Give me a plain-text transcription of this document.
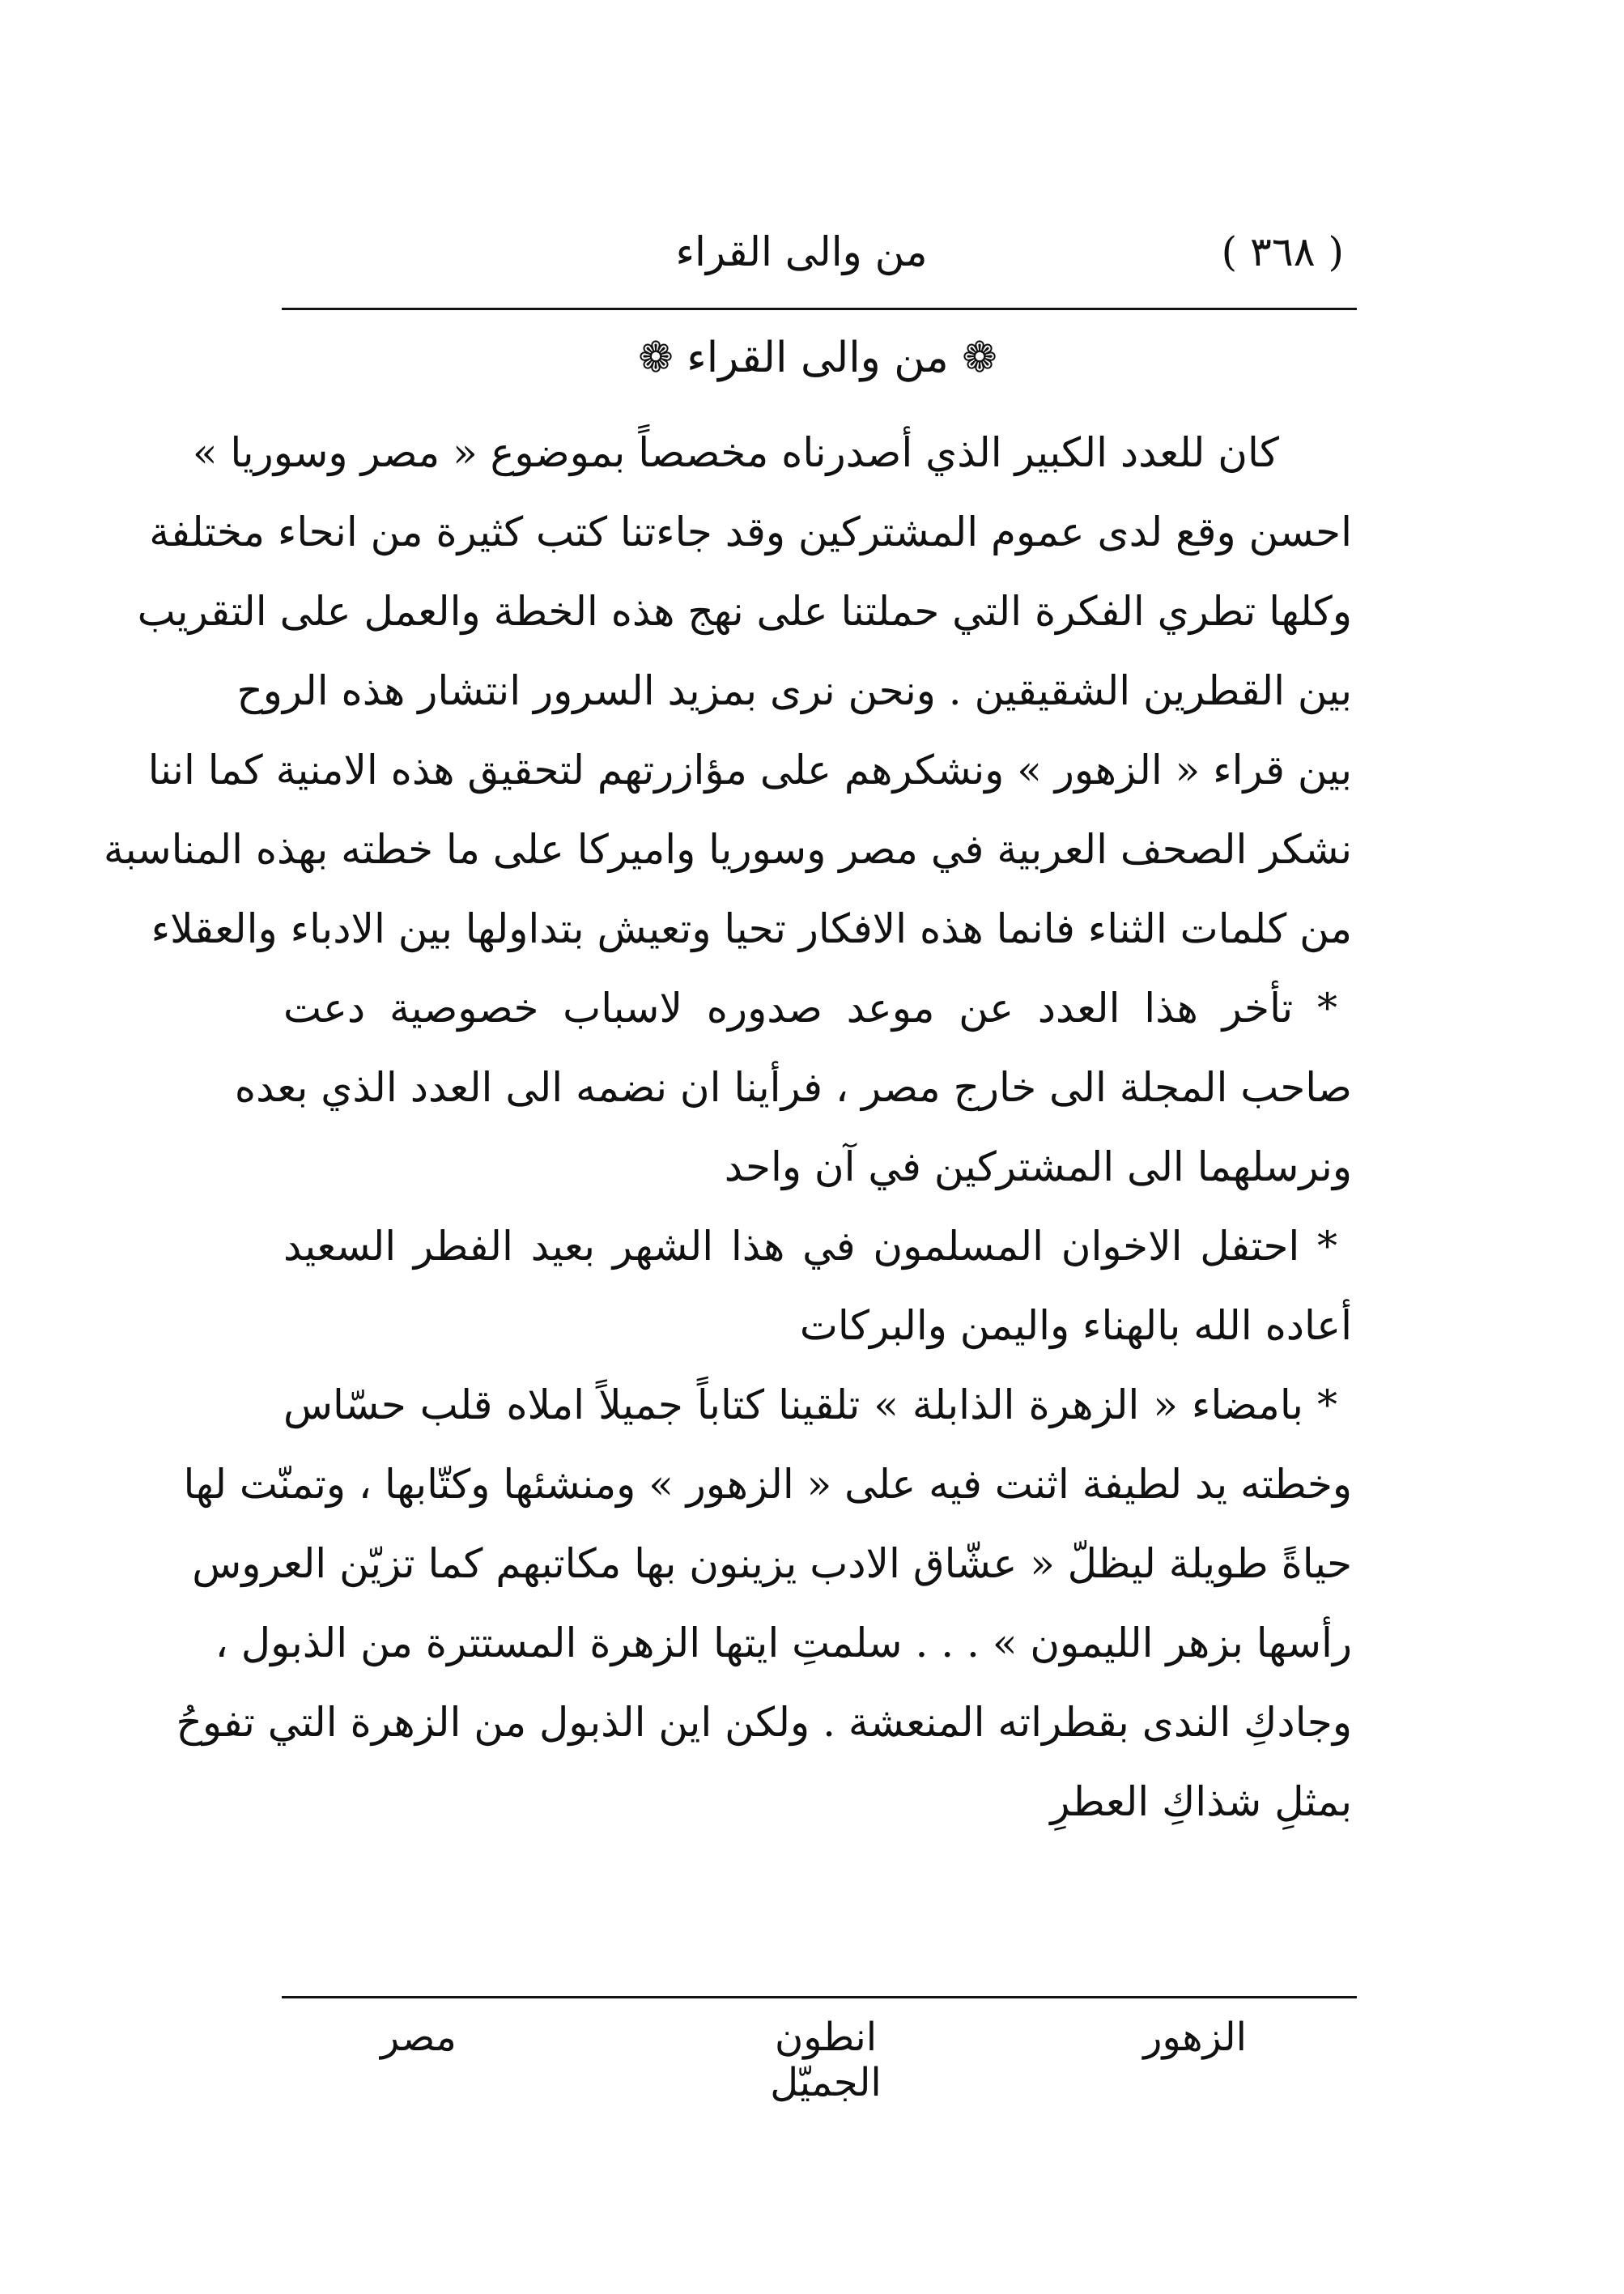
( ٣٦٨ )
من والى القراء
❁ من والى القراء ❁
كان للعدد الكبير الذي أصدرناه مخصصاً بموضوع « مصر وسوريا »
احسن وقع لدى عموم المشتركين وقد جاءتنا كتب كثيرة من انحاء مختلفة
وكلها تطري الفكرة التي حملتنا على نهج هذه الخطة والعمل على التقريب
بين القطرين الشقيقين . ونحن نرى بمزيد السرور انتشار هذه الروح
بين قراء « الزهور » ونشكرهم على مؤازرتهم لتحقيق هذه الامنية كما اننا
نشكر الصحف العربية في مصر وسوريا واميركا على ما خطته بهذه المناسبة
من كلمات الثناء فانما هذه الافكار تحيا وتعيش بتداولها بين الادباء والعقلاء
* تأخر هذا العدد عن موعد صدوره لاسباب خصوصية دعت
صاحب المجلة الى خارج مصر ، فرأينا ان نضمه الى العدد الذي بعده
ونرسلهما الى المشتركين في آن واحد
* احتفل الاخوان المسلمون في هذا الشهر بعيد الفطر السعيد
أعاده الله بالهناء واليمن والبركات
* بامضاء « الزهرة الذابلة » تلقينا كتاباً جميلاً املاه قلب حسّاس
وخطته يد لطيفة اثنت فيه على « الزهور » ومنشئها وكتّابها ، وتمنّت لها
حياةً طويلة ليظلّ « عشّاق الادب يزينون بها مكاتبهم كما تزيّن العروس
رأسها بزهر الليمون » . . . سلمتِ ايتها الزهرة المستترة من الذبول ،
وجادكِ الندى بقطراته المنعشة . ولكن اين الذبول من الزهرة التي تفوحُ
بمثلِ شذاكِ العطرِ
الزهور
انطون الجميّل
مصر
